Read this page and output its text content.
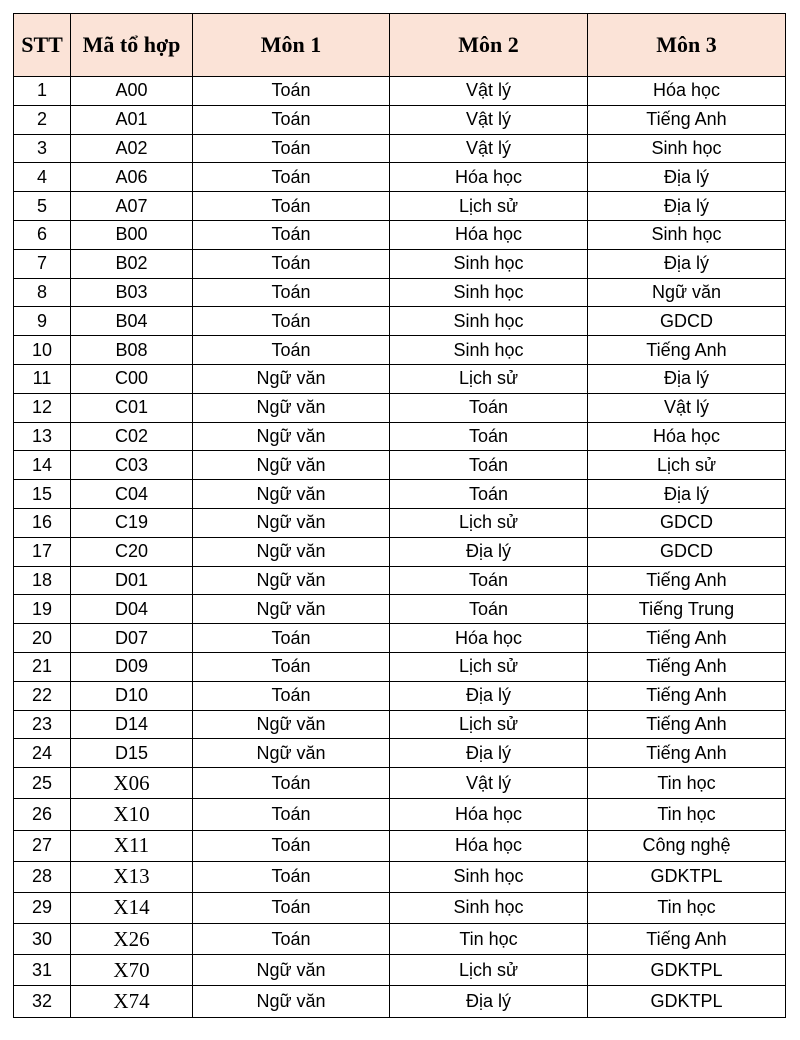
STT	Mã tổ hợp	Môn 1	Môn 2	Môn 3
1	A00	Toán	Vật lý	Hóa học
2	A01	Toán	Vật lý	Tiếng Anh
3	A02	Toán	Vật lý	Sinh học
4	A06	Toán	Hóa học	Địa lý
5	A07	Toán	Lịch sử	Địa lý
6	B00	Toán	Hóa học	Sinh học
7	B02	Toán	Sinh học	Địa lý
8	B03	Toán	Sinh học	Ngữ văn
9	B04	Toán	Sinh học	GDCD
10	B08	Toán	Sinh học	Tiếng Anh
11	C00	Ngữ văn	Lịch sử	Địa lý
12	C01	Ngữ văn	Toán	Vật lý
13	C02	Ngữ văn	Toán	Hóa học
14	C03	Ngữ văn	Toán	Lịch sử
15	C04	Ngữ văn	Toán	Địa lý
16	C19	Ngữ văn	Lịch sử	GDCD
17	C20	Ngữ văn	Địa lý	GDCD
18	D01	Ngữ văn	Toán	Tiếng Anh
19	D04	Ngữ văn	Toán	Tiếng Trung
20	D07	Toán	Hóa học	Tiếng Anh
21	D09	Toán	Lịch sử	Tiếng Anh
22	D10	Toán	Địa lý	Tiếng Anh
23	D14	Ngữ văn	Lịch sử	Tiếng Anh
24	D15	Ngữ văn	Địa lý	Tiếng Anh
25	X06	Toán	Vật lý	Tin học
26	X10	Toán	Hóa học	Tin học
27	X11	Toán	Hóa học	Công nghệ
28	X13	Toán	Sinh học	GDKTPL
29	X14	Toán	Sinh học	Tin học
30	X26	Toán	Tin học	Tiếng Anh
31	X70	Ngữ văn	Lịch sử	GDKTPL
32	X74	Ngữ văn	Địa lý	GDKTPL
